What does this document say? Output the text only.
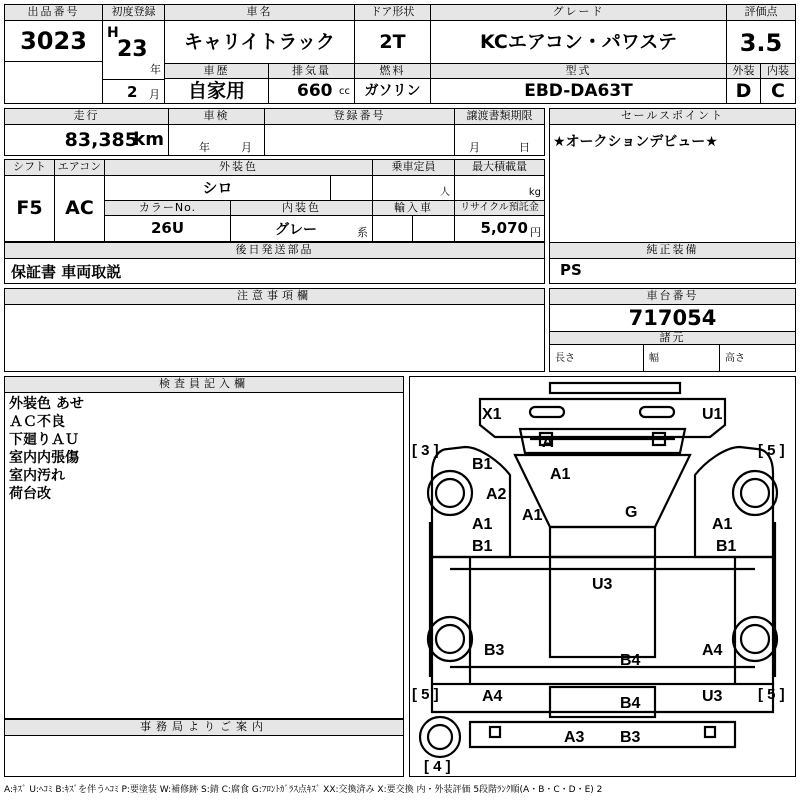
出品番号
3023
初度登録
H
23
年
2 月
車名
キャリイトラック
ドア形状
2T
グレード
KCエアコン・パワステ
評価点
3.5
外装	内装
D	C
車歴
自家用
排気量
660 cc
燃料
ガソリン
型式
EBD-DA63T
走行
83,385
km
車検
年	月
登録番号	譲渡書類期限
月	日
セールスポイント
★オークションデビュー★
シフト
F5
エアコン
AC
外装色
シロ
乗車定員
人
最大積載量
kg
カラーNo.
26U
内装色
グレー	系
輸入車	リサイクル預託金
5,070 円
後日発送部品
保証書 車両取説
純正装備
PS
注意事項欄	車台番号
717054
諸元
長さ	幅	高さ
検査員記入欄
外装色 あせ
ＡＣ不良
下廻りＡＵ
室内内張傷
室内汚れ
荷台改
事務局よりご案内
X1	U1
A
A1
A2
B1
A1	G
A1
B1
A1
B1
U3
B3
B4
A4
A4	B4	U3
A3 B3
[ 3 ]	[ 5 ]
[ 5 ]	[ 5 ]
[ 4 ]
A:ｷｽﾞ U:ﾍｺﾐ B:ｷｽﾞを伴うﾍｺﾐ P:要塗装 W:補修跡 S:錆 C:腐食 G:ﾌﾛﾝﾄｶﾞﾗｽ点ｷｽﾞ XX:交換済み X:要交換 内・外装評価 5段階ﾗﾝｸ順(A・B・C・D・E) 2
